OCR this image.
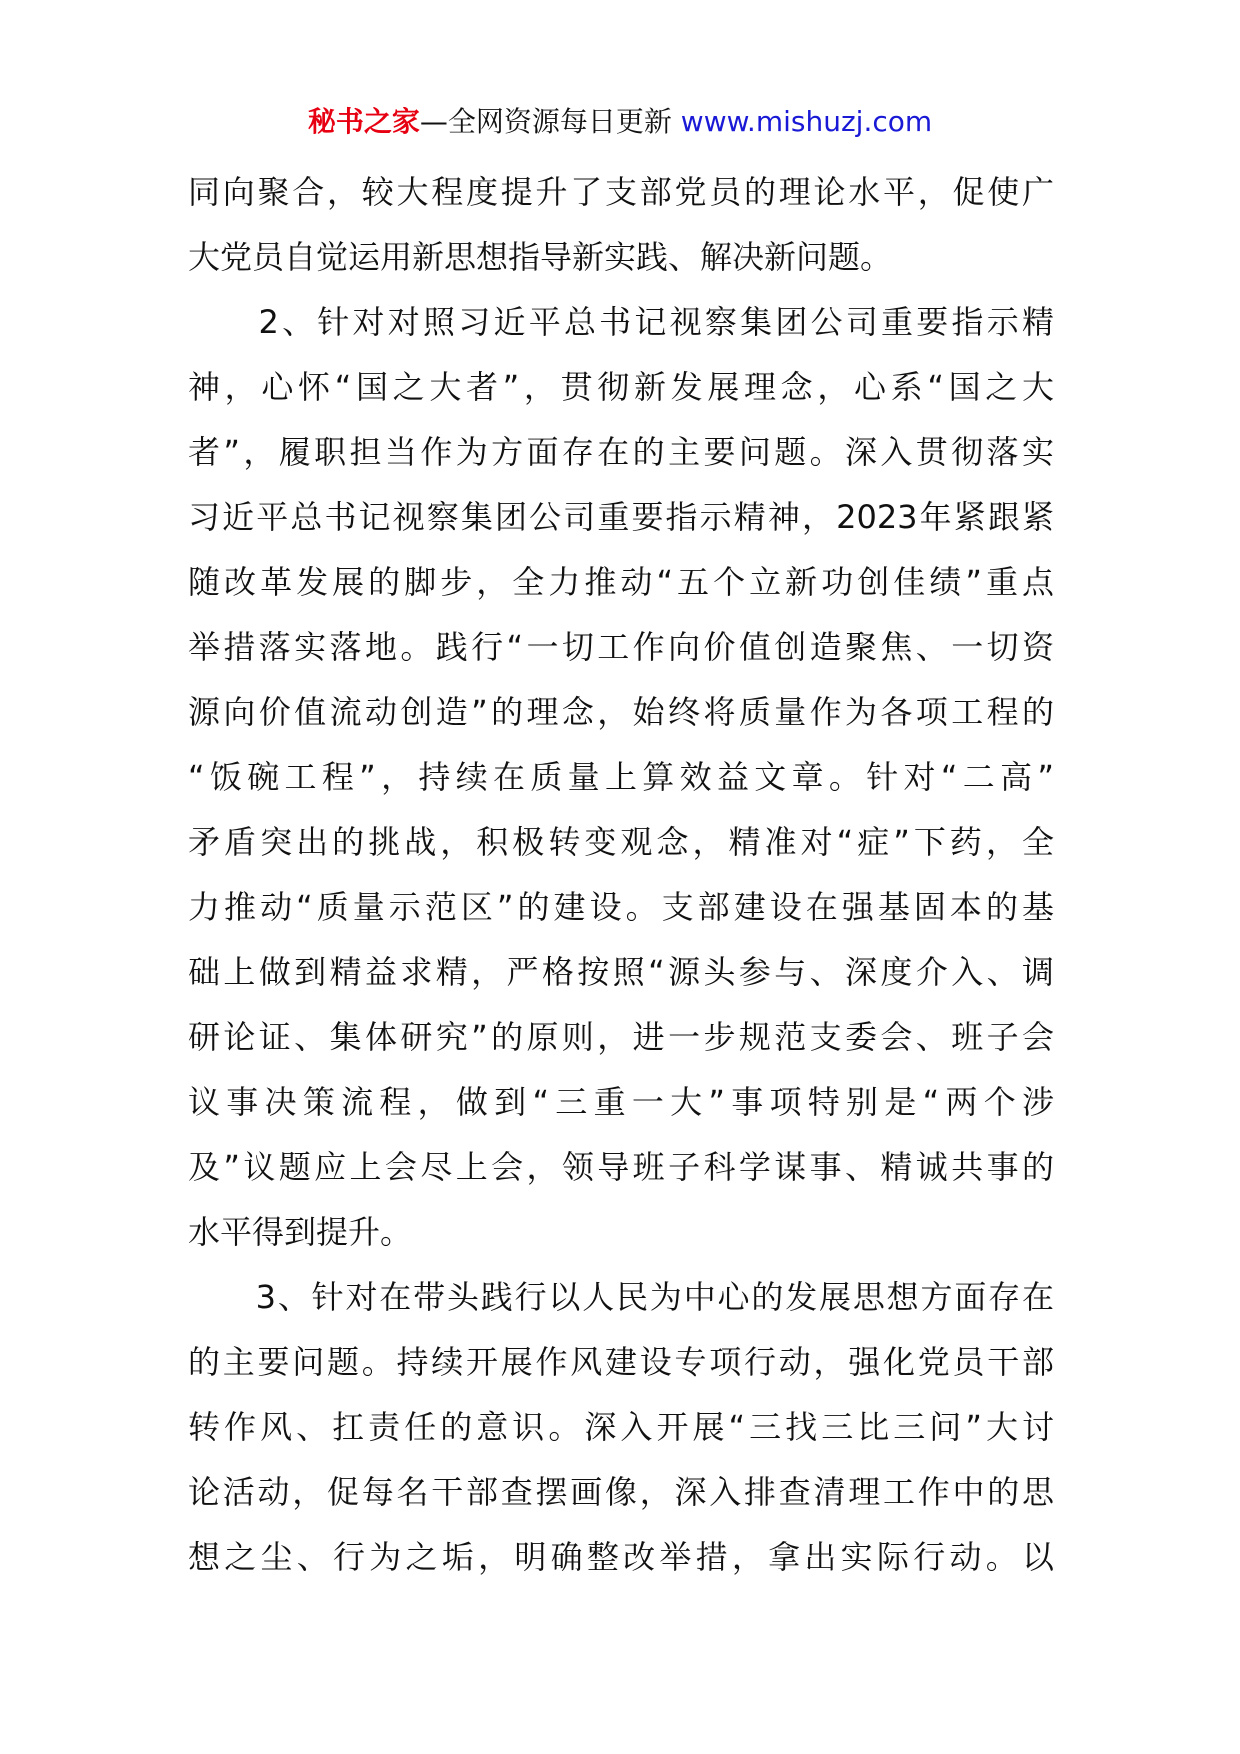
秘书之家—全网资源每日更新 www.mishuzj.com
同向聚合，较大程度提升了支部党员的理论水平，促使广
大党员自觉运用新思想指导新实践、解决新问题。
　　2、针对对照习近平总书记视察集团公司重要指示精
神，心怀“国之大者”，贯彻新发展理念，心系“国之大
者”，履职担当作为方面存在的主要问题。深入贯彻落实
习近平总书记视察集团公司重要指示精神，2023年紧跟紧
随改革发展的脚步，全力推动“五个立新功创佳绩”重点
举措落实落地。践行“一切工作向价值创造聚焦、一切资
源向价值流动创造”的理念，始终将质量作为各项工程的
“饭碗工程”，持续在质量上算效益文章。针对“二高”
矛盾突出的挑战，积极转变观念，精准对“症”下药，全
力推动“质量示范区”的建设。支部建设在强基固本的基
础上做到精益求精，严格按照“源头参与、深度介入、调
研论证、集体研究”的原则，进一步规范支委会、班子会
议事决策流程，做到“三重一大”事项特别是“两个涉
及”议题应上会尽上会，领导班子科学谋事、精诚共事的
水平得到提升。
　　3、针对在带头践行以人民为中心的发展思想方面存在
的主要问题。持续开展作风建设专项行动，强化党员干部
转作风、扛责任的意识。深入开展“三找三比三问”大讨
论活动，促每名干部查摆画像，深入排查清理工作中的思
想之尘、行为之垢，明确整改举措，拿出实际行动。以
